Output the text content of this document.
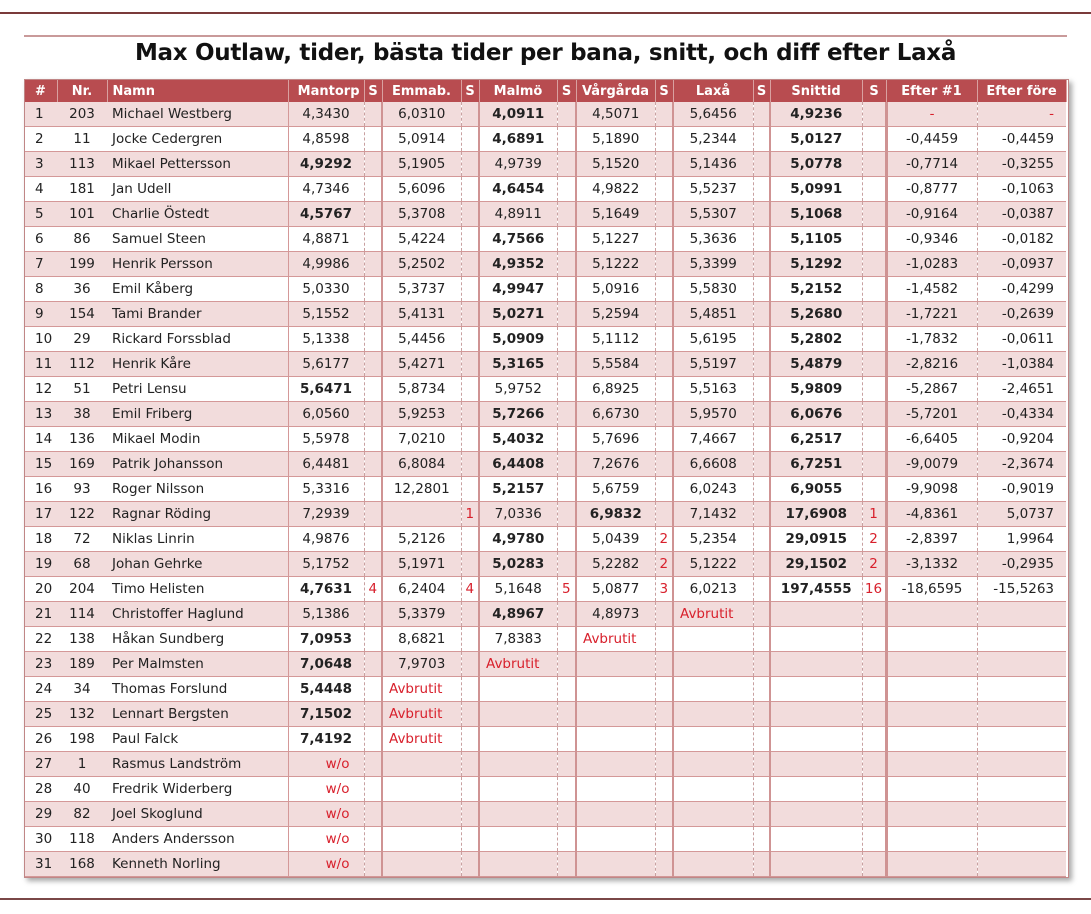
Max Outlaw, tider, bästa tider per bana, snitt, och diff efter Laxå
#	Nr.	Namn	Mantorp	S	Emmab.	S	Malmö	S	Vårgårda	S	Laxå	S	Snittid	S	Efter #1	Efter före
1	203	Michael Westberg	4,3430		6,0310		4,0911		4,5071		5,6456		4,9236		-	-
2	11	Jocke Cedergren	4,8598		5,0914		4,6891		5,1890		5,2344		5,0127		-0,4459	-0,4459
3	113	Mikael Pettersson	4,9292		5,1905		4,9739		5,1520		5,1436		5,0778		-0,7714	-0,3255
4	181	Jan Udell	4,7346		5,6096		4,6454		4,9822		5,5237		5,0991		-0,8777	-0,1063
5	101	Charlie Östedt	4,5767		5,3708		4,8911		5,1649		5,5307		5,1068		-0,9164	-0,0387
6	86	Samuel Steen	4,8871		5,4224		4,7566		5,1227		5,3636		5,1105		-0,9346	-0,0182
7	199	Henrik Persson	4,9986		5,2502		4,9352		5,1222		5,3399		5,1292		-1,0283	-0,0937
8	36	Emil Kåberg	5,0330		5,3737		4,9947		5,0916		5,5830		5,2152		-1,4582	-0,4299
9	154	Tami Brander	5,1552		5,4131		5,0271		5,2594		5,4851		5,2680		-1,7221	-0,2639
10	29	Rickard Forssblad	5,1338		5,4456		5,0909		5,1112		5,6195		5,2802		-1,7832	-0,0611
11	112	Henrik Kåre	5,6177		5,4271		5,3165		5,5584		5,5197		5,4879		-2,8216	-1,0384
12	51	Petri Lensu	5,6471		5,8734		5,9752		6,8925		5,5163		5,9809		-5,2867	-2,4651
13	38	Emil Friberg	6,0560		5,9253		5,7266		6,6730		5,9570		6,0676		-5,7201	-0,4334
14	136	Mikael Modin	5,5978		7,0210		5,4032		5,7696		7,4667		6,2517		-6,6405	-0,9204
15	169	Patrik Johansson	6,4481		6,8084		6,4408		7,2676		6,6608		6,7251		-9,0079	-2,3674
16	93	Roger Nilsson	5,3316		12,2801		5,2157		5,6759		6,0243		6,9055		-9,9098	-0,9019
17	122	Ragnar Röding	7,2939			1	7,0336		6,9832		7,1432		17,6908	1	-4,8361	5,0737
18	72	Niklas Linrin	4,9876		5,2126		4,9780		5,0439	2	5,2354		29,0915	2	-2,8397	1,9964
19	68	Johan Gehrke	5,1752		5,1971		5,0283		5,2282	2	5,1222		29,1502	2	-3,1332	-0,2935
20	204	Timo Helisten	4,7631	4	6,2404	4	5,1648	5	5,0877	3	6,0213		197,4555	16	-18,6595	-15,5263
21	114	Christoffer Haglund	5,1386		5,3379		4,8967		4,8973		Avbrutit					
22	138	Håkan Sundberg	7,0953		8,6821		7,8383		Avbrutit							
23	189	Per Malmsten	7,0648		7,9703		Avbrutit									
24	34	Thomas Forslund	5,4448		Avbrutit											
25	132	Lennart Bergsten	7,1502		Avbrutit											
26	198	Paul Falck	7,4192		Avbrutit											
27	1	Rasmus Landström	w/o													
28	40	Fredrik Widerberg	w/o													
29	82	Joel Skoglund	w/o													
30	118	Anders Andersson	w/o													
31	168	Kenneth Norling	w/o													
